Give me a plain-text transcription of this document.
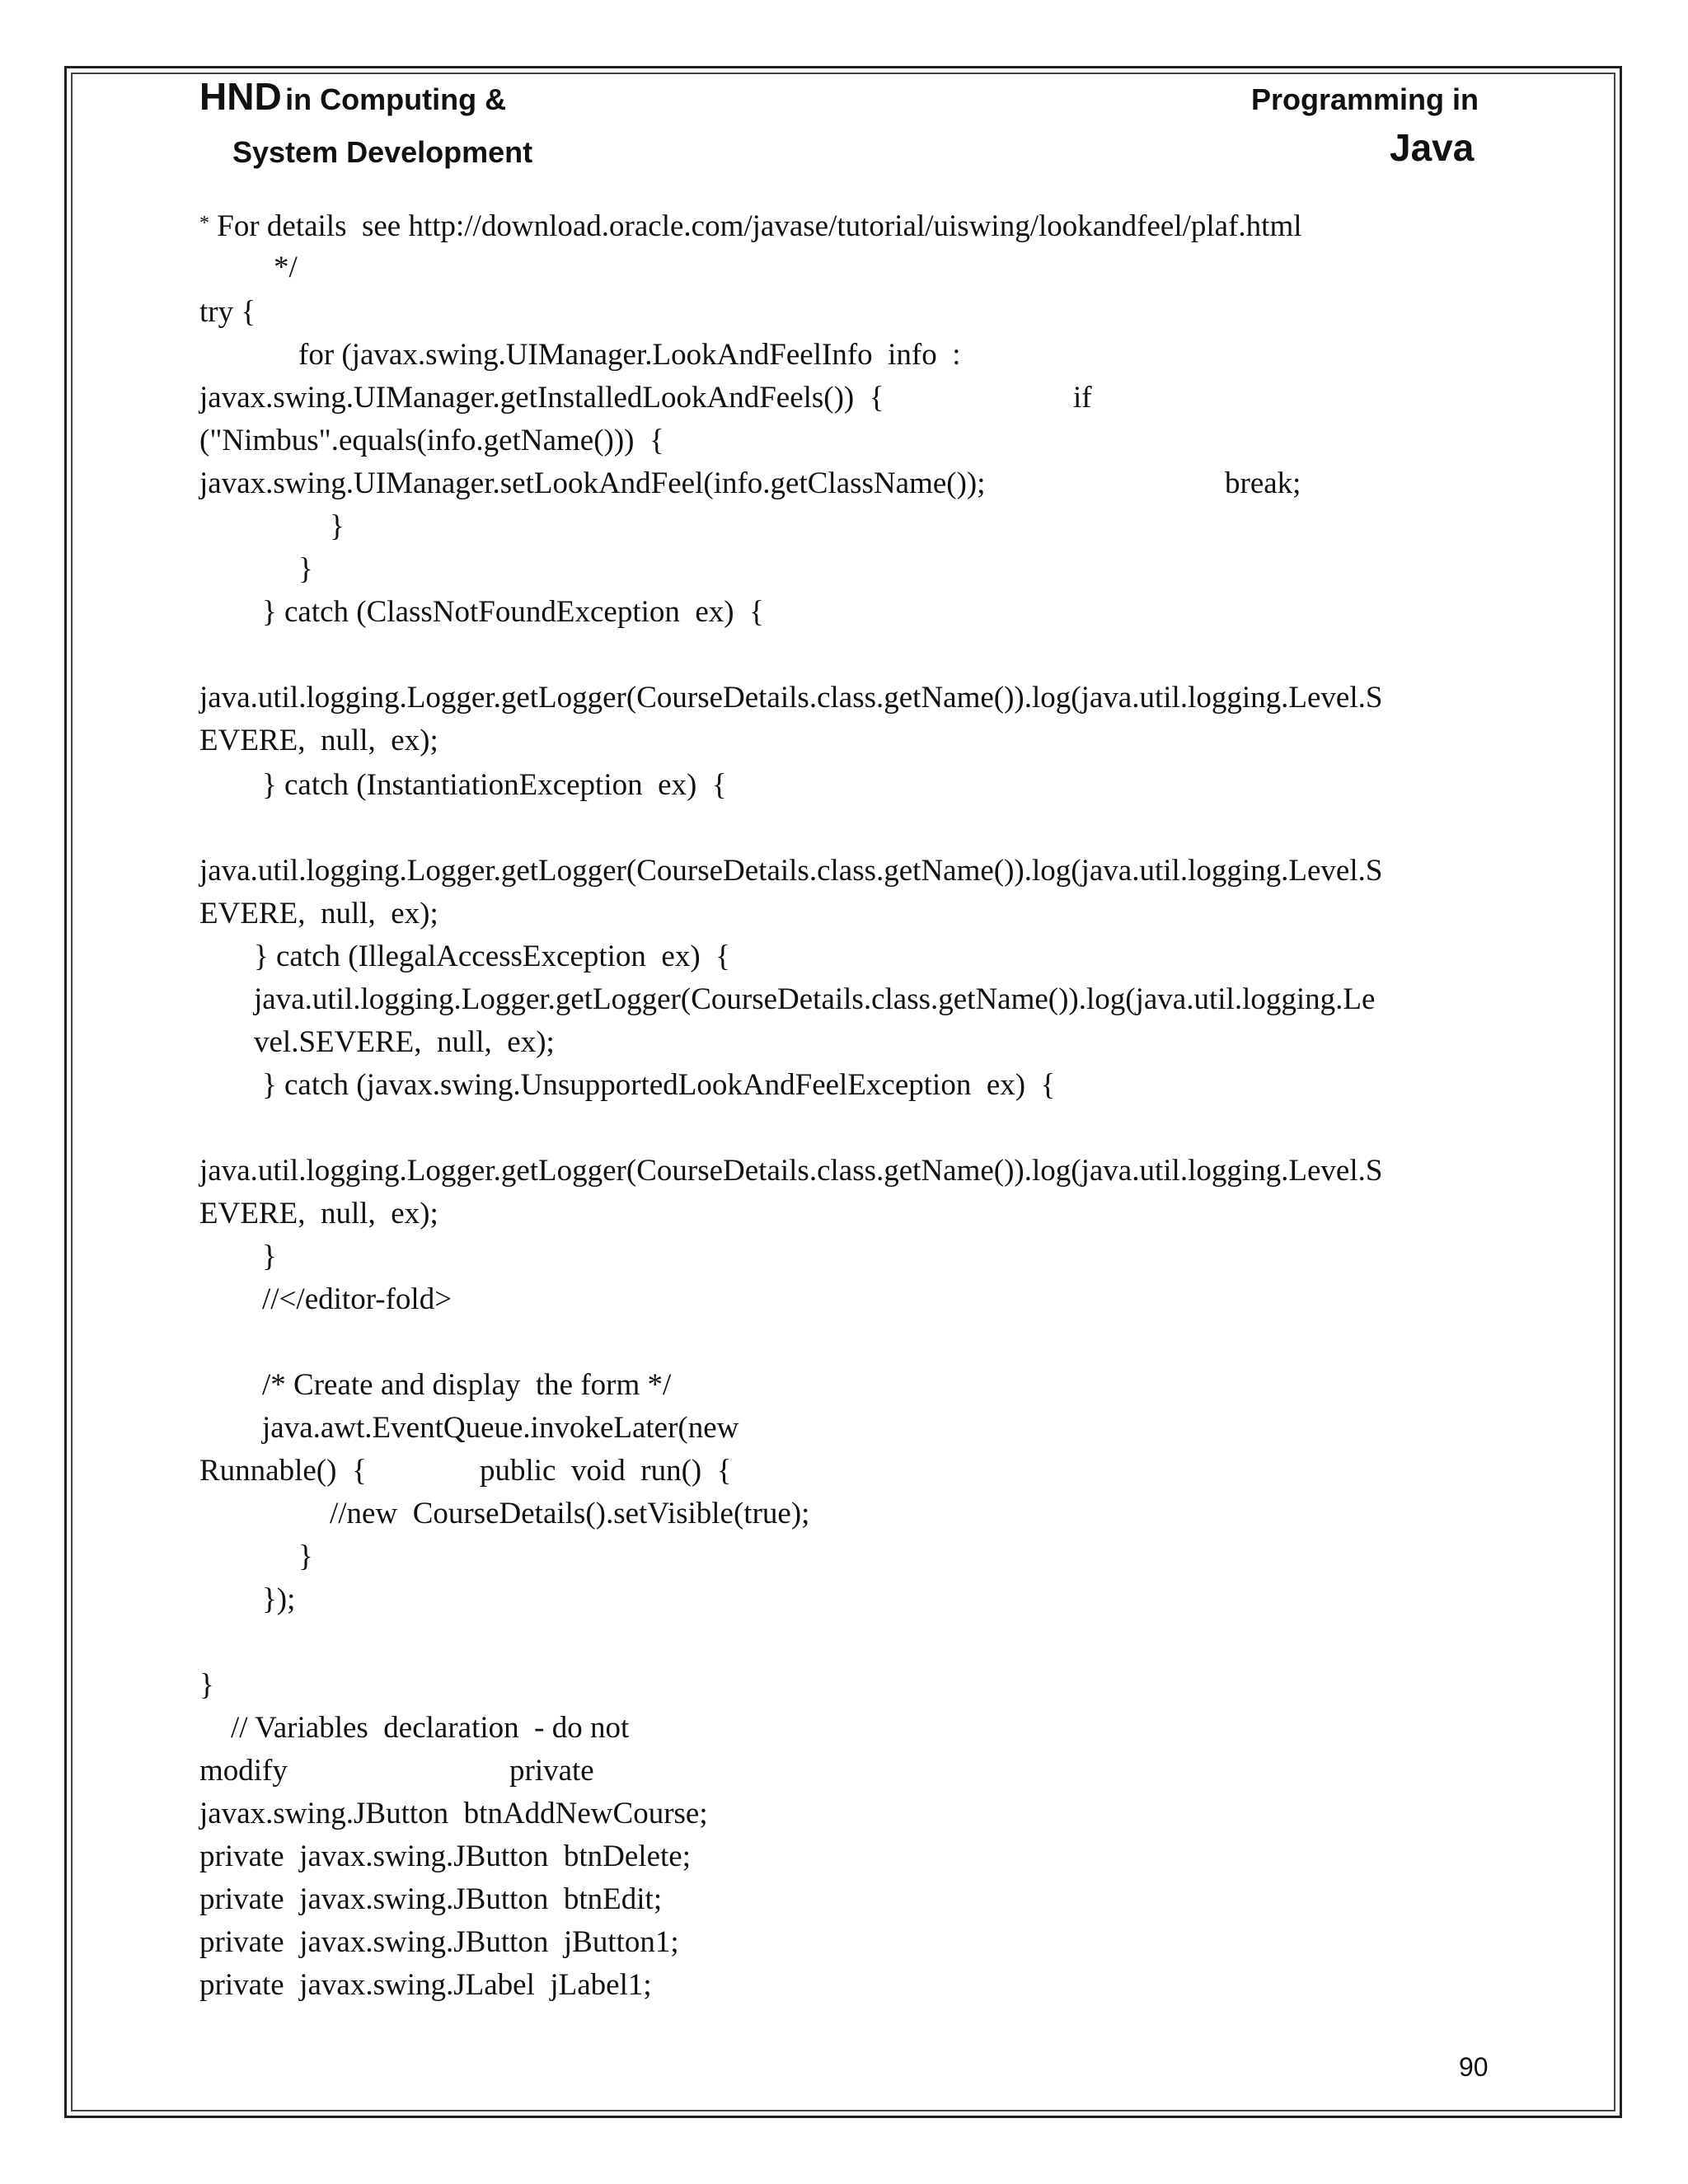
HND in Computing &
System Development
Programming in
Java
* For details  see http://download.oracle.com/javase/tutorial/uiswing/lookandfeel/plaf.html
*/
try {
for (javax.swing.UIManager.LookAndFeelInfo  info  :
javax.swing.UIManager.getInstalledLookAndFeels())  {	if
("Nimbus".equals(info.getName()))  {
javax.swing.UIManager.setLookAndFeel(info.getClassName());	break;
}
}
} catch (ClassNotFoundException  ex)  {
java.util.logging.Logger.getLogger(CourseDetails.class.getName()).log(java.util.logging.Level.S
EVERE,  null,  ex);
} catch (InstantiationException  ex)  {
java.util.logging.Logger.getLogger(CourseDetails.class.getName()).log(java.util.logging.Level.S
EVERE,  null,  ex);
} catch (IllegalAccessException  ex)  {
java.util.logging.Logger.getLogger(CourseDetails.class.getName()).log(java.util.logging.Le
vel.SEVERE,  null,  ex);
} catch (javax.swing.UnsupportedLookAndFeelException  ex)  {
java.util.logging.Logger.getLogger(CourseDetails.class.getName()).log(java.util.logging.Level.S
EVERE,  null,  ex);
}
//</editor-fold>
/* Create and display  the form */
java.awt.EventQueue.invokeLater(new
Runnable()  {	public  void  run()  {
//new  CourseDetails().setVisible(true);
}
});
}
// Variables  declaration  - do not
modify	private
javax.swing.JButton  btnAddNewCourse;
private  javax.swing.JButton  btnDelete;
private  javax.swing.JButton  btnEdit;
private  javax.swing.JButton  jButton1;
private  javax.swing.JLabel  jLabel1;
90
